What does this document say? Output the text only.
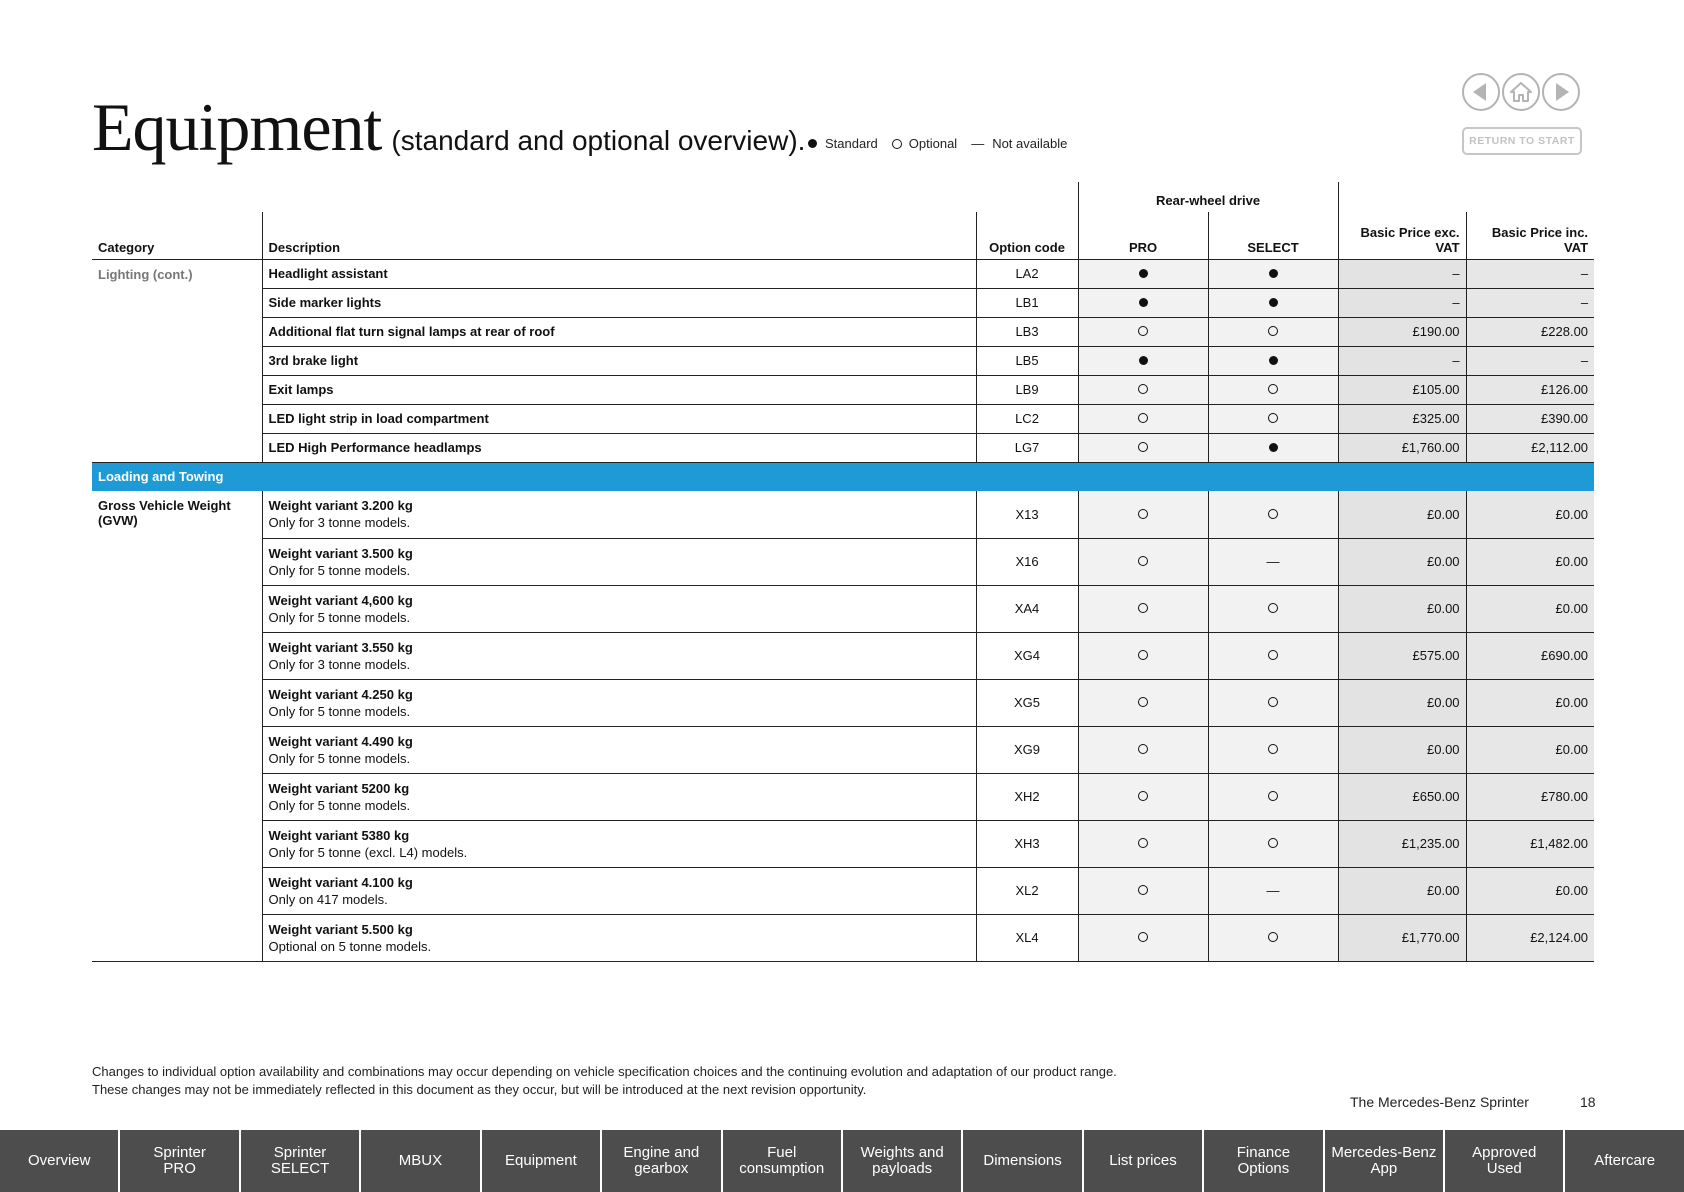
Equipment (standard and optional overview). Standard Optional — Not available	RETURN TO START
			Rear-wheel drive			
Category	Description	Option code	PRO	SELECT	Basic Price exc. VAT	Basic Price inc. VAT
Lighting (cont.)	Headlight assistant	LA2			–	–
	Side marker lights	LB1			–	–
	Additional flat turn signal lamps at rear of roof	LB3			£190.00	£228.00
	3rd brake light	LB5			–	–
	Exit lamps	LB9			£105.00	£126.00
	LED light strip in load compartment	LC2			£325.00	£390.00
	LED High Performance headlamps	LG7			£1,760.00	£2,112.00
Loading and Towing						
Gross Vehicle Weight (GVW)	Weight variant 3.200 kg
Only for 3 tonne models.	X13			£0.00	£0.00
	Weight variant 3.500 kg
Only for 5 tonne models.	X16		—	£0.00	£0.00
	Weight variant 4,600 kg
Only for 5 tonne models.	XA4			£0.00	£0.00
	Weight variant 3.550 kg
Only for 3 tonne models.	XG4			£575.00	£690.00
	Weight variant 4.250 kg
Only for 5 tonne models.	XG5			£0.00	£0.00
	Weight variant 4.490 kg
Only for 5 tonne models.	XG9			£0.00	£0.00
	Weight variant 5200 kg
Only for 5 tonne models.	XH2			£650.00	£780.00
	Weight variant 5380 kg
Only for 5 tonne (excl. L4) models.	XH3			£1,235.00	£1,482.00
	Weight variant 4.100 kg
Only on 417 models.	XL2		—	£0.00	£0.00
	Weight variant 5.500 kg
Optional on 5 tonne models.	XL4			£1,770.00	£2,124.00
Changes to individual option availability and combinations may occur depending on vehicle specification choices and the continuing evolution and adaptation of our product range.
These changes may not be immediately reflected in this document as they occur, but will be introduced at the next revision opportunity.
The Mercedes-Benz Sprinter	18
Overview	Sprinter
PRO
Sprinter
SELECT	MBUX	Equipment	Engine and
gearbox
Fuel
consumption
Weights and
payloads	Dimensions	List prices	Finance
Options
Mercedes-Benz
App
Approved
Used	Aftercare
